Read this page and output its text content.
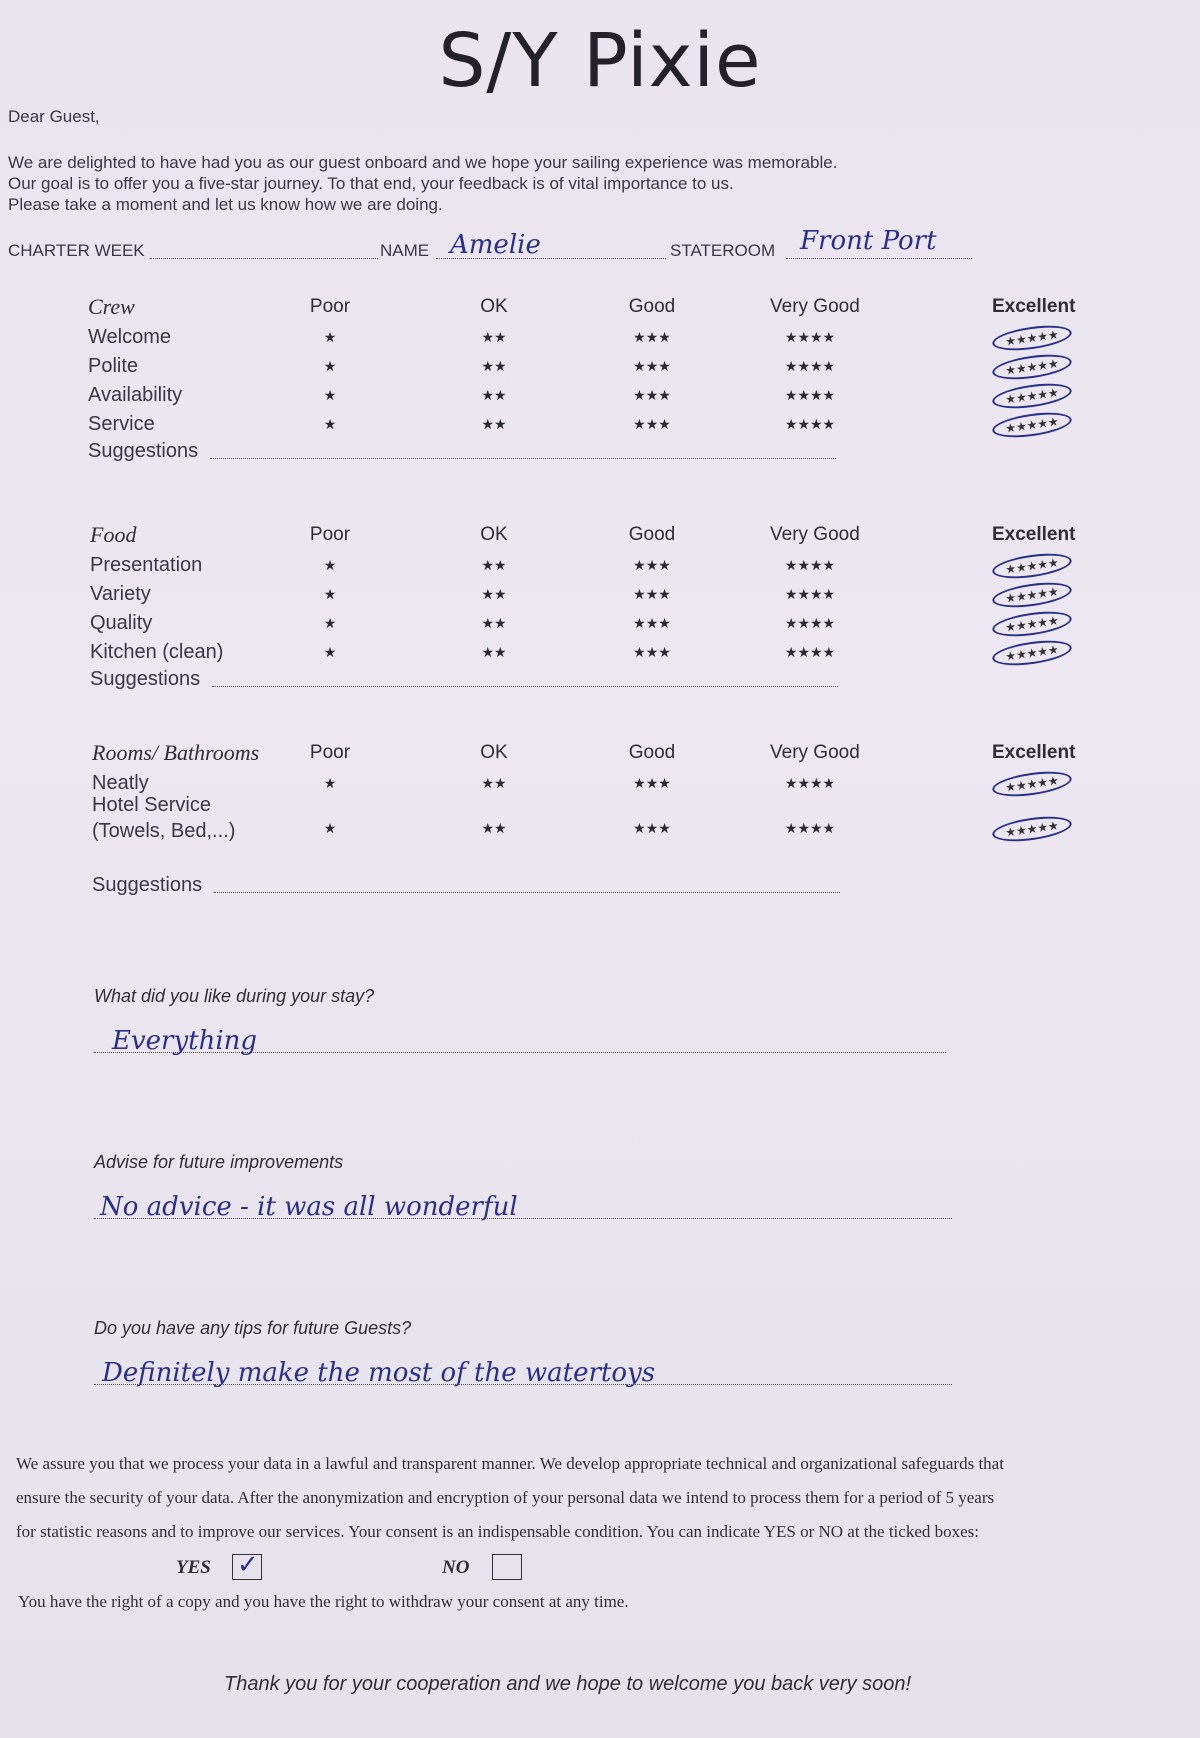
S/Y Pixie
Dear Guest,
We are delighted to have had you as our guest onboard and we hope your sailing experience was memorable.
Our goal is to offer you a five-star journey. To that end, your feedback is of vital importance to us.
Please take a moment and let us know how we are doing.
CHARTER WEEK	NAME Amelie	STATEROOM Front Port
Crew	Poor	OK	Good	Very Good	Excellent
Welcome	★	★★	★★★	★★★★	★★★★★
Polite	★	★★	★★★	★★★★	★★★★★
Availability	★	★★	★★★	★★★★	★★★★★
Service	★	★★	★★★	★★★★	★★★★★
Suggestions
Food	Poor	OK	Good	Very Good	Excellent
Presentation	★	★★	★★★	★★★★	★★★★★
Variety	★	★★	★★★	★★★★	★★★★★
Quality	★	★★	★★★	★★★★	★★★★★
Kitchen (clean)	★	★★	★★★	★★★★	★★★★★
Suggestions
Rooms/ Bathrooms	Poor	OK	Good	Very Good	Excellent
Neatly	★	★★	★★★	★★★★	★★★★★
Hotel Service
(Towels, Bed,...)	★	★★	★★★	★★★★	★★★★★
Suggestions
What did you like during your stay?
Everything
Advise for future improvements
No advice - it was all wonderful
Do you have any tips for future Guests?
Definitely make the most of the watertoys
We assure you that we process your data in a lawful and transparent manner. We develop appropriate technical and organizational safeguards that
ensure the security of your data. After the anonymization and encryption of your personal data we intend to process them for a period of 5 years
for statistic reasons and to improve our services. Your consent is an indispensable condition. You can indicate YES or NO at the ticked boxes:
YES ✓	NO
You have the right of a copy and you have the right to withdraw your consent at any time.
Thank you for your cooperation and we hope to welcome you back very soon!
